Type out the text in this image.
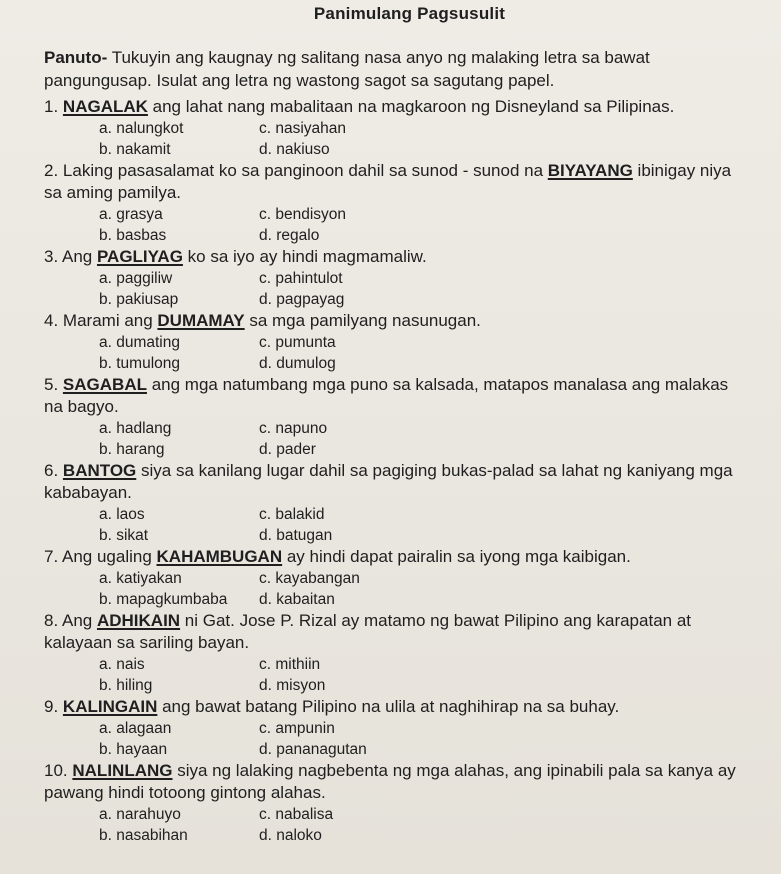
Panimulang Pagsusulit
Panuto- Tukuyin ang kaugnay ng salitang nasa anyo ng malaking letra sa bawat pangungusap. Isulat ang letra ng wastong sagot sa sagutang papel.
1. NAGALAK ang lahat nang mabalitaan na magkaroon ng Disneyland sa Pilipinas.
a. nalungkot	c. nasiyahan
b. nakamit	d. nakiuso
2. Laking pasasalamat ko sa panginoon dahil sa sunod - sunod na BIYAYANG ibinigay niya sa aming pamilya.
a. grasya	c. bendisyon
b. basbas	d. regalo
3. Ang PAGLIYAG ko sa iyo ay hindi magmamaliw.
a. paggiliw	c. pahintulot
b. pakiusap	d. pagpayag
4. Marami ang DUMAMAY sa mga pamilyang nasunugan.
a. dumating	c. pumunta
b. tumulong	d. dumulog
5. SAGABAL ang mga natumbang mga puno sa kalsada, matapos manalasa ang malakas na bagyo.
a. hadlang	c. napuno
b. harang	d. pader
6. BANTOG siya sa kanilang lugar dahil sa pagiging bukas-palad sa lahat ng kaniyang mga kababayan.
a. laos	c. balakid
b. sikat	d. batugan
7. Ang ugaling KAHAMBUGAN ay hindi dapat pairalin sa iyong mga kaibigan.
a. katiyakan	c. kayabangan
b. mapagkumbaba	d. kabaitan
8. Ang ADHIKAIN ni Gat. Jose P. Rizal ay matamo ng bawat Pilipino ang karapatan at kalayaan sa sariling bayan.
a. nais	c. mithiin
b. hiling	d. misyon
9. KALINGAIN ang bawat batang Pilipino na ulila at naghihirap na sa buhay.
a. alagaan	c. ampunin
b. hayaan	d. pananagutan
10. NALINLANG siya ng lalaking nagbebenta ng mga alahas, ang ipinabili pala sa kanya ay pawang hindi totoong gintong alahas.
a. narahuyo	c. nabalisa
b. nasabihan	d. naloko
